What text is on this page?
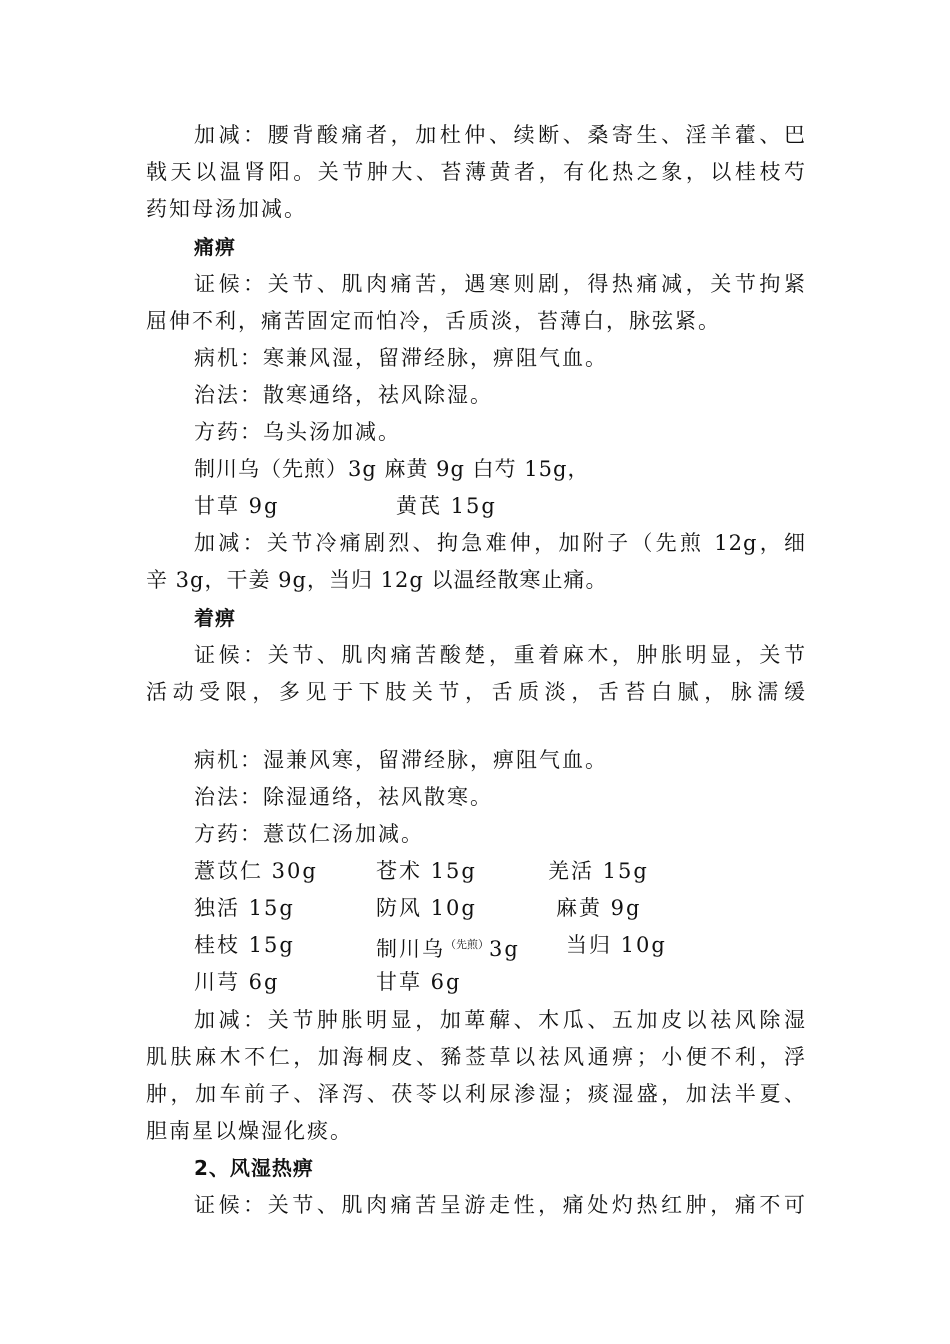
加减：腰背酸痛者，加杜仲、续断、桑寄生、淫羊藿、巴
戟天以温肾阳。关节肿大、苔薄黄者，有化热之象，以桂枝芍
药知母汤加减。
痛痹
证候：关节、肌肉痛苦，遇寒则剧，得热痛减，关节拘紧
屈伸不利，痛苦固定而怕冷，舌质淡，苔薄白，脉弦紧。
病机：寒兼风湿，留滞经脉，痹阻气血。
治法：散寒通络，祛风除湿。
方药：乌头汤加减。
制川乌（先煎）3g 麻黄 9g 白芍 15g，
甘草 9g	黄芪 15g
加减：关节冷痛剧烈、拘急难伸，加附子（先煎 12g，细
辛 3g，干姜 9g，当归 12g 以温经散寒止痛。
着痹
证候：关节、肌肉痛苦酸楚，重着麻木，肿胀明显，关节
活动受限，多见于下肢关节，舌质淡，舌苔白腻，脉濡缓
病机：湿兼风寒，留滞经脉，痹阻气血。
治法：除湿通络，祛风散寒。
方药：薏苡仁汤加减。
薏苡仁 30g	苍术 15g	羌活 15g
独活 15g	防风 10g	麻黄 9g
桂枝 15g	制川乌$^{(先煎)}$3g 当归 10g
川芎 6g	甘草 6g
加减：关节肿胀明显，加萆薢、木瓜、五加皮以祛风除湿
肌肤麻木不仁，加海桐皮、豨莶草以祛风通痹；小便不利，浮
肿，加车前子、泽泻、茯苓以利尿渗湿；痰湿盛，加法半夏、
胆南星以燥湿化痰。
2、风湿热痹
证候：关节、肌肉痛苦呈游走性，痛处灼热红肿，痛不可
